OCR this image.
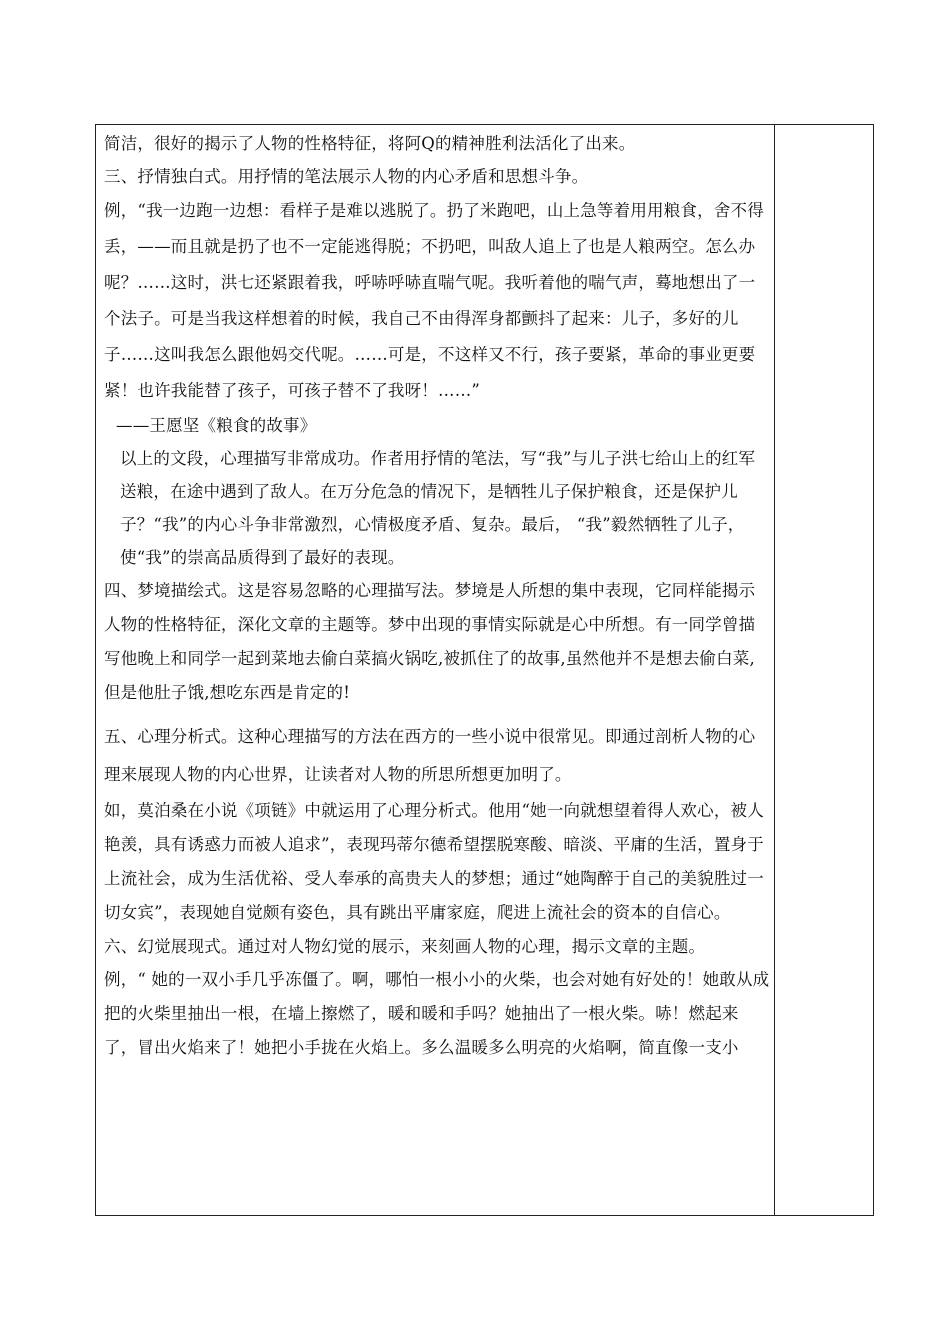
简洁，很好的揭示了人物的性格特征，将阿Q的精神胜利法活化了出来。

三、抒情独白式。用抒情的笔法展示人物的内心矛盾和思想斗争。

例，“我一边跑一边想：看样子是难以逃脱了。扔了米跑吧，山上急等着用用粮食，舍不得丢，——而且就是扔了也不一定能逃得脱；不扔吧，叫敌人追上了也是人粮两空。怎么办呢？……这时，洪七还紧跟着我，呼哧呼哧直喘气呢。我听着他的喘气声，蓦地想出了一个法子。可是当我这样想着的时候，我自己不由得浑身都颤抖了起来：儿子，多好的儿子……这叫我怎么跟他妈交代呢。……可是，不这样又不行，孩子要紧，革命的事业更要紧！也许我能替了孩子，可孩子替不了我呀！……”

——王愿坚《粮食的故事》

以上的文段，心理描写非常成功。作者用抒情的笔法，写“我”与儿子洪七给山上的红军送粮，在途中遇到了敌人。在万分危急的情况下，是牺牲儿子保护粮食，还是保护儿子？“我”的内心斗争非常激烈，心情极度矛盾、复杂。最后， “我”毅然牺牲了儿子， 使“我”的崇高品质得到了最好的表现。

四、梦境描绘式。这是容易忽略的心理描写法。梦境是人所想的集中表现，它同样能揭示人物的性格特征，深化文章的主题等。梦中出现的事情实际就是心中所想。有一同学曾描写他晚上和同学一起到菜地去偷白菜搞火锅吃,被抓住了的故事,虽然他并不是想去偷白菜,但是他肚子饿,想吃东西是肯定的!

五、心理分析式。这种心理描写的方法在西方的一些小说中很常见。即通过剖析人物的心理来展现人物的内心世界，让读者对人物的所思所想更加明了。

如，莫泊桑在小说《项链》中就运用了心理分析式。他用“她一向就想望着得人欢心，被人艳羡，具有诱惑力而被人追求”，表现玛蒂尔德希望摆脱寒酸、暗淡、平庸的生活，置身于上流社会，成为生活优裕、受人奉承的高贵夫人的梦想；通过“她陶醉于自己的美貌胜过一切女宾”，表现她自觉颇有姿色，具有跳出平庸家庭，爬进上流社会的资本的自信心。

六、幻觉展现式。通过对人物幻觉的展示，来刻画人物的心理，揭示文章的主题。

例，“ 她的一双小手几乎冻僵了。啊，哪怕一根小小的火柴，也会对她有好处的！她敢从成把的火柴里抽出一根，在墙上擦燃了，暖和暖和手吗？她抽出了一根火柴。哧！燃起来了，冒出火焰来了！她把小手拢在火焰上。多么温暖多么明亮的火焰啊，简直像一支小
